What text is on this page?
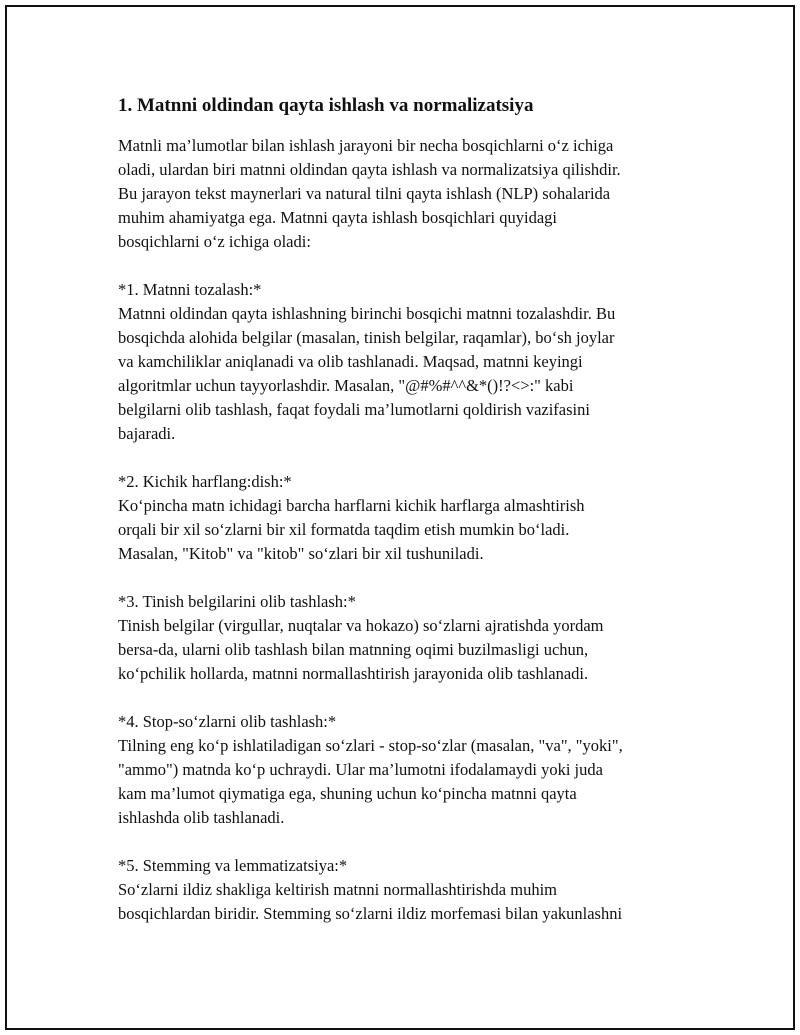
1. Matnni oldindan qayta ishlash va normalizatsiya
Matnli ma’lumotlar bilan ishlash jarayoni bir necha bosqichlarni o‘z ichiga
oladi, ulardan biri matnni oldindan qayta ishlash va normalizatsiya qilishdir.
Bu jarayon tekst maynerlari va natural tilni qayta ishlash (NLP) sohalarida
muhim ahamiyatga ega. Matnni qayta ishlash bosqichlari quyidagi
bosqichlarni o‘z ichiga oladi:
*1. Matnni tozalash:*
Matnni oldindan qayta ishlashning birinchi bosqichi matnni tozalashdir. Bu
bosqichda alohida belgilar (masalan, tinish belgilar, raqamlar), bo‘sh joylar
va kamchiliklar aniqlanadi va olib tashlanadi. Maqsad, matnni keyingi
algoritmlar uchun tayyorlashdir. Masalan, "@#%#^^&*()!?<>:" kabi
belgilarni olib tashlash, faqat foydali ma’lumotlarni qoldirish vazifasini
bajaradi.
*2. Kichik harflang:dish:*
Ko‘pincha matn ichidagi barcha harflarni kichik harflarga almashtirish
orqali bir xil so‘zlarni bir xil formatda taqdim etish mumkin bo‘ladi.
Masalan, "Kitob" va "kitob" so‘zlari bir xil tushuniladi.
*3. Tinish belgilarini olib tashlash:*
Tinish belgilar (virgullar, nuqtalar va hokazo) so‘zlarni ajratishda yordam
bersa-da, ularni olib tashlash bilan matnning oqimi buzilmasligi uchun,
ko‘pchilik hollarda, matnni normallashtirish jarayonida olib tashlanadi.
*4. Stop-so‘zlarni olib tashlash:*
Tilning eng ko‘p ishlatiladigan so‘zlari - stop-so‘zlar (masalan, "va", "yoki",
"ammo") matnda ko‘p uchraydi. Ular ma’lumotni ifodalamaydi yoki juda
kam ma’lumot qiymatiga ega, shuning uchun ko‘pincha matnni qayta
ishlashda olib tashlanadi.
*5. Stemming va lemmatizatsiya:*
So‘zlarni ildiz shakliga keltirish matnni normallashtirishda muhim
bosqichlardan biridir. Stemming so‘zlarni ildiz morfemasi bilan yakunlashni
